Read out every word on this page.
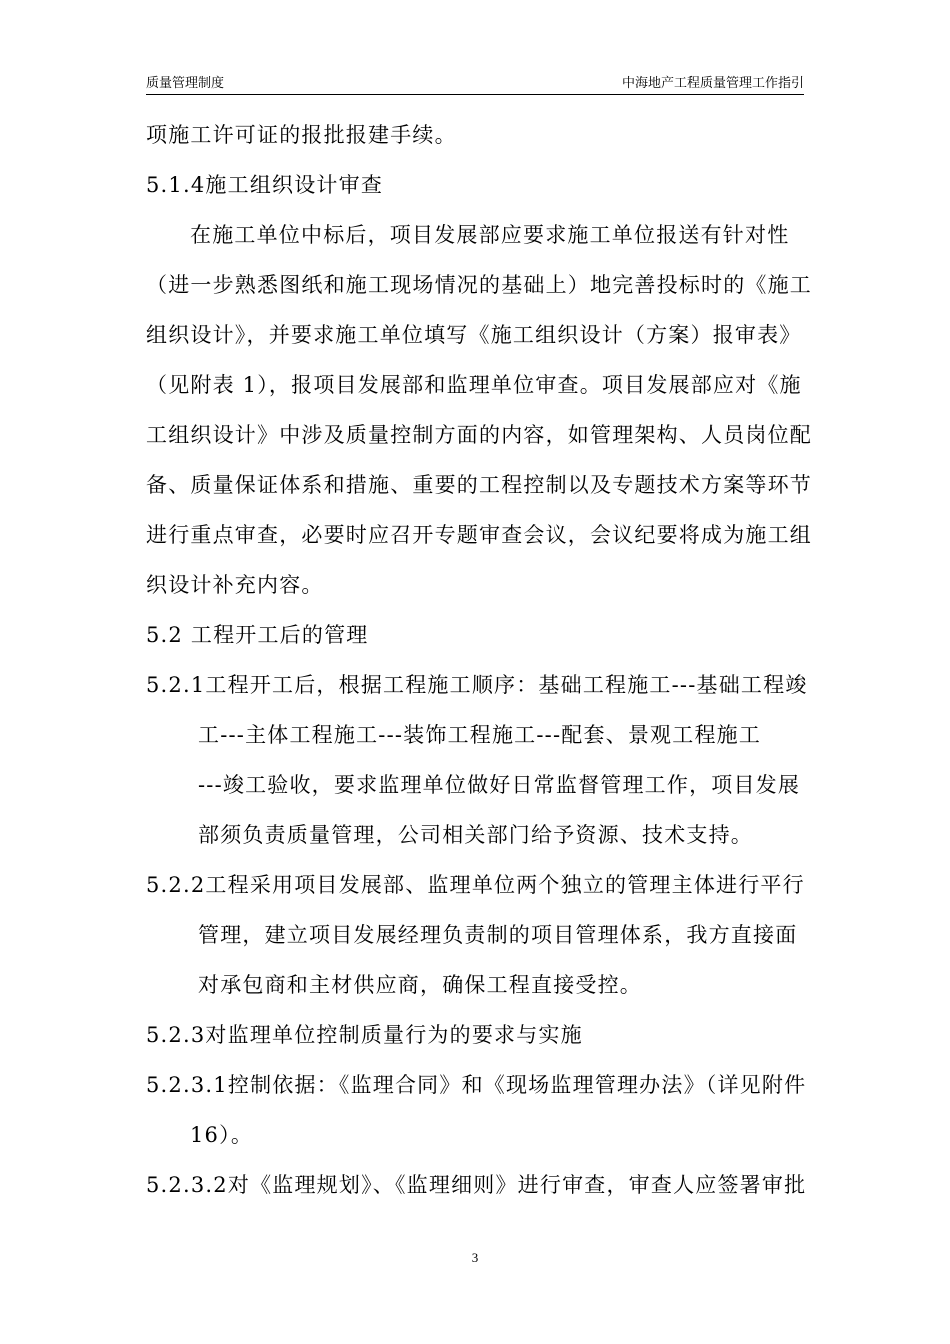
质量管理制度	中海地产工程质量管理工作指引
项施工许可证的报批报建手续。
5.1.4施工组织设计审查
在施工单位中标后，项目发展部应要求施工单位报送有针对性
（进一步熟悉图纸和施工现场情况的基础上）地完善投标时的《施工
组织设计》，并要求施工单位填写《施工组织设计（方案）报审表》
（见附表 1），报项目发展部和监理单位审查。项目发展部应对《施
工组织设计》中涉及质量控制方面的内容，如管理架构、人员岗位配
备、质量保证体系和措施、重要的工程控制以及专题技术方案等环节
进行重点审查，必要时应召开专题审查会议，会议纪要将成为施工组
织设计补充内容。
5.2 工程开工后的管理
5.2.1工程开工后，根据工程施工顺序：基础工程施工---基础工程竣
工---主体工程施工---装饰工程施工---配套、景观工程施工
---竣工验收，要求监理单位做好日常监督管理工作，项目发展
部须负责质量管理，公司相关部门给予资源、技术支持。
5.2.2工程采用项目发展部、监理单位两个独立的管理主体进行平行
管理，建立项目发展经理负责制的项目管理体系，我方直接面
对承包商和主材供应商，确保工程直接受控。
5.2.3对监理单位控制质量行为的要求与实施
5.2.3.1控制依据：《监理合同》和《现场监理管理办法》（详见附件
16）。
5.2.3.2对《监理规划》、《监理细则》进行审查，审查人应签署审批
3
